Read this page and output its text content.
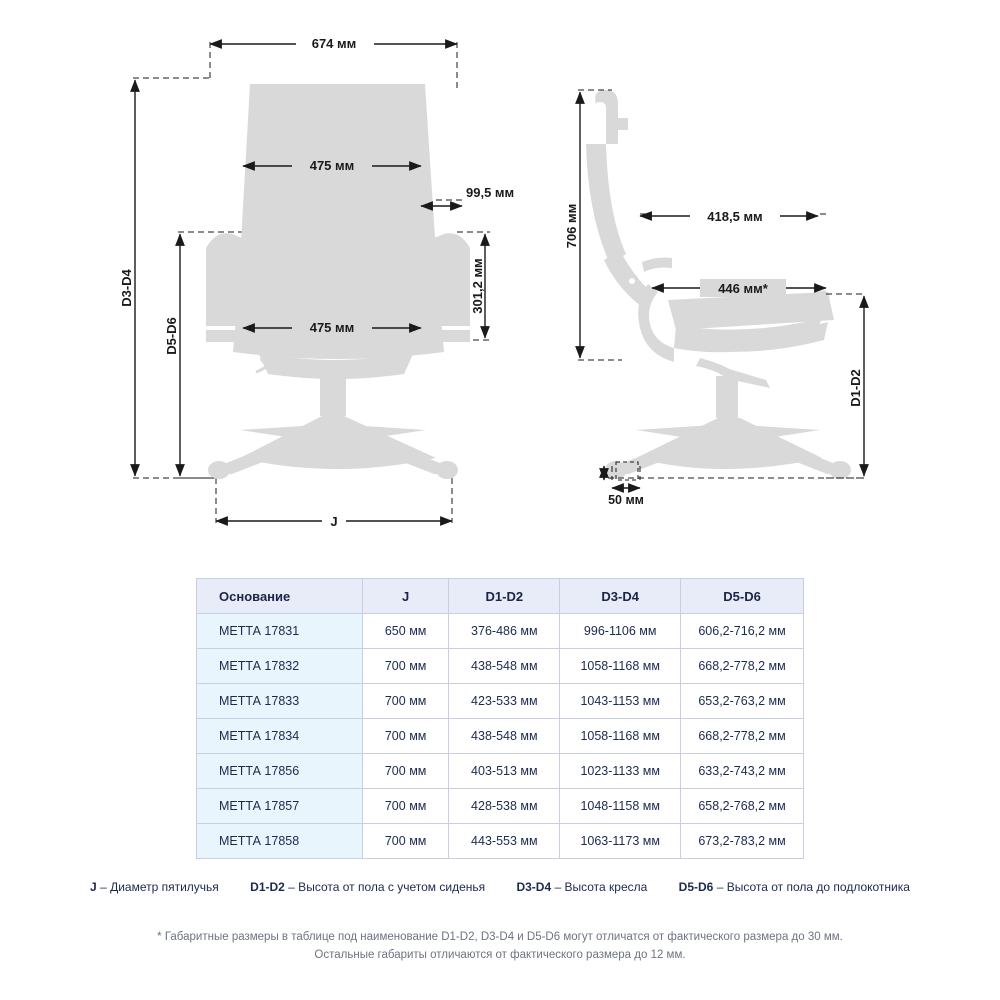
674 мм
475 мм
99,5 мм
475 мм
301,2 мм
D3-D4
D5-D6
J
706 мм	418,5 мм
446 мм*
D1-D2
50 мм
Основание	J	D1-D2	D3-D4	D5-D6
МЕТТА 17831	650 мм	376-486 мм	996-1106 мм	606,2-716,2 мм
МЕТТА 17832	700 мм	438-548 мм	1058-1168 мм	668,2-778,2 мм
МЕТТА 17833	700 мм	423-533 мм	1043-1153 мм	653,2-763,2 мм
МЕТТА 17834	700 мм	438-548 мм	1058-1168 мм	668,2-778,2 мм
МЕТТА 17856	700 мм	403-513 мм	1023-1133 мм	633,2-743,2 мм
МЕТТА 17857	700 мм	428-538 мм	1048-1158 мм	658,2-768,2 мм
МЕТТА 17858	700 мм	443-553 мм	1063-1173 мм	673,2-783,2 мм
J – Диаметр пятилучья	D1-D2 – Высота от пола с учетом сиденья	D3-D4 – Высота кресла	D5-D6 – Высота от пола до подлокотника
* Габаритные размеры в таблице под наименование D1-D2, D3-D4 и D5-D6 могут отличатся от фактического размера до 30 мм.
Остальные габариты отличаются от фактического размера до 12 мм.
